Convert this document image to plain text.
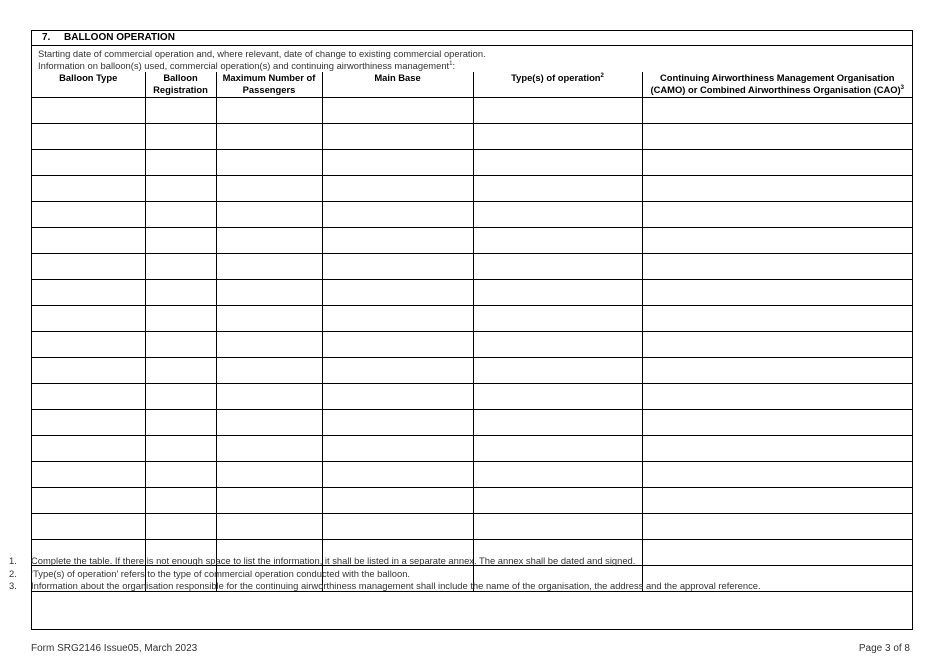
7. BALLOON OPERATION
Starting date of commercial operation and, where relevant, date of change to existing commercial operation.
Information on balloon(s) used, commercial operation(s) and continuing airworthiness management$^1$:
Balloon Type	Balloon Registration	Maximum Number of Passengers	Main Base	Type(s) of operation$^2$	Continuing Airworthiness Management Organisation (CAMO) or Combined Airworthiness Organisation (CAO)$^3$

1. Complete the table. If there is not enough space to list the information, it shall be listed in a separate annex. The annex shall be dated and signed.
2. ‘Type(s) of operation’ refers to the type of commercial operation conducted with the balloon.
3. Information about the organisation responsible for the continuing airworthiness management shall include the name of the organisation, the address and the approval reference.
Form SRG2146 Issue05, March 2023	Page 3 of 8
